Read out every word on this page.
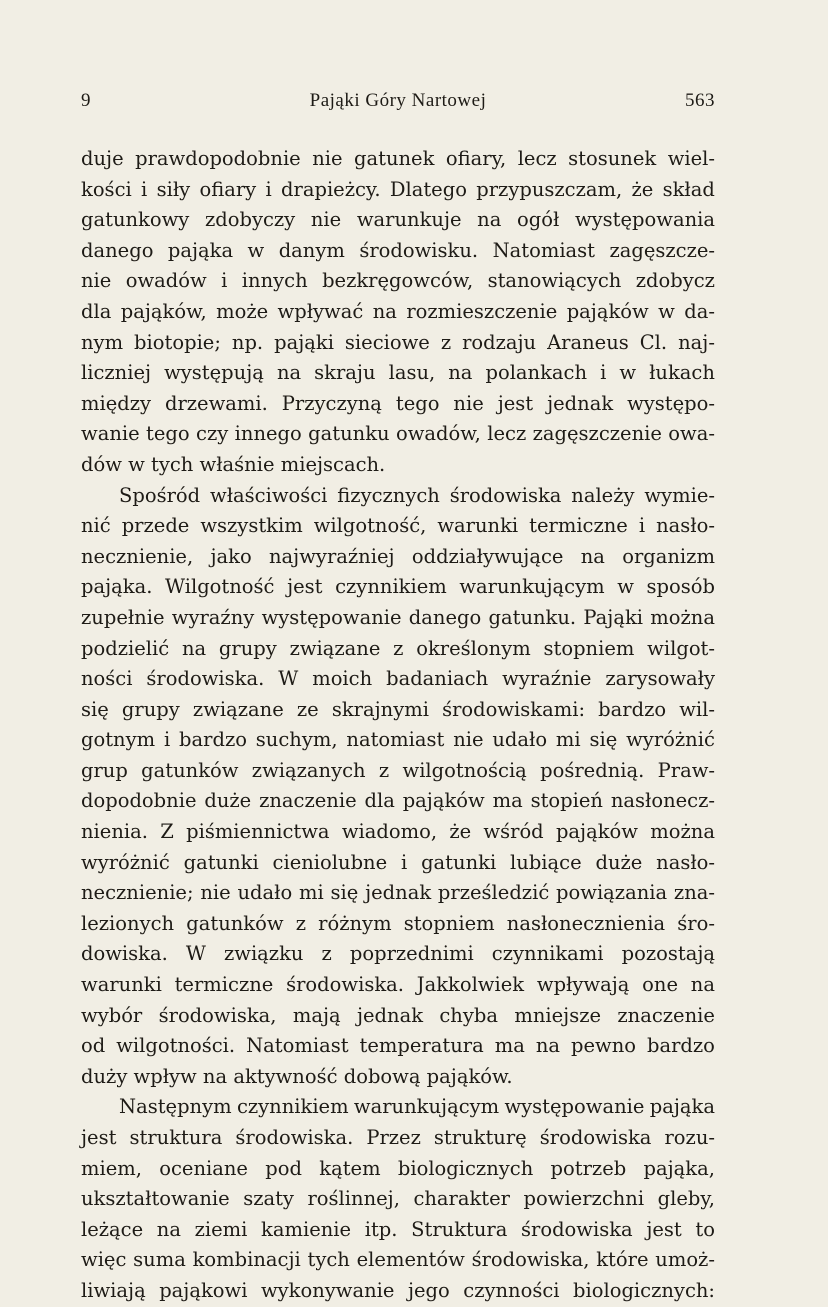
9	Pająki Góry Nartowej	563
duje prawdopodobnie nie gatunek ofiary, lecz stosunek wiel-
kości i siły ofiary i drapieżcy. Dlatego przypuszczam, że skład
gatunkowy zdobyczy nie warunkuje na ogół występowania
danego pająka w danym środowisku. Natomiast zagęszcze-
nie owadów i innych bezkręgowców, stanowiących zdobycz
dla pająków, może wpływać na rozmieszczenie pająków w da-
nym biotopie; np. pająki sieciowe z rodzaju Araneus Cl. naj-
liczniej występują na skraju lasu, na polankach i w łukach
między drzewami. Przyczyną tego nie jest jednak występo-
wanie tego czy innego gatunku owadów, lecz zagęszczenie owa-
dów w tych właśnie miejscach.
Spośród właściwości fizycznych środowiska należy wymie-
nić przede wszystkim wilgotność, warunki termiczne i nasło-
necznienie, jako najwyraźniej oddziaływujące na organizm
pająka. Wilgotność jest czynnikiem warunkującym w sposób
zupełnie wyraźny występowanie danego gatunku. Pająki można
podzielić na grupy związane z określonym stopniem wilgot-
ności środowiska. W moich badaniach wyraźnie zarysowały
się grupy związane ze skrajnymi środowiskami: bardzo wil-
gotnym i bardzo suchym, natomiast nie udało mi się wyróżnić
grup gatunków związanych z wilgotnością pośrednią. Praw-
dopodobnie duże znaczenie dla pająków ma stopień nasłonecz-
nienia. Z piśmiennictwa wiadomo, że wśród pająków można
wyróżnić gatunki cieniolubne i gatunki lubiące duże nasło-
necznienie; nie udało mi się jednak prześledzić powiązania zna-
lezionych gatunków z różnym stopniem nasłonecznienia śro-
dowiska. W związku z poprzednimi czynnikami pozostają
warunki termiczne środowiska. Jakkolwiek wpływają one na
wybór środowiska, mają jednak chyba mniejsze znaczenie
od wilgotności. Natomiast temperatura ma na pewno bardzo
duży wpływ na aktywność dobową pająków.
Następnym czynnikiem warunkującym występowanie pająka
jest struktura środowiska. Przez strukturę środowiska rozu-
miem, oceniane pod kątem biologicznych potrzeb pająka,
ukształtowanie szaty roślinnej, charakter powierzchni gleby,
leżące na ziemi kamienie itp. Struktura środowiska jest to
więc suma kombinacji tych elementów środowiska, które umoż-
liwiają pająkowi wykonywanie jego czynności biologicznych:
